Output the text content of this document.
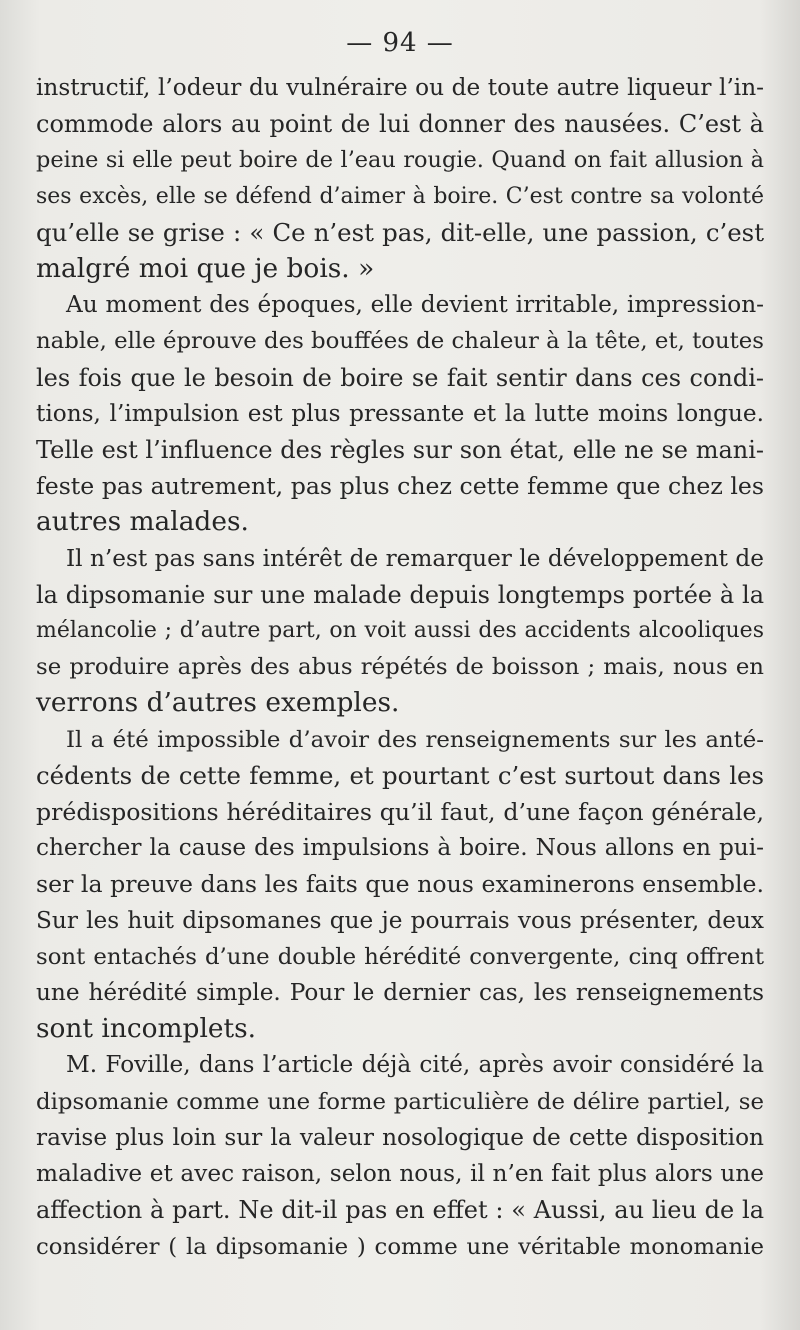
— 94 —
instructif, l’odeur du vulnéraire ou de toute autre liqueur l’in-
commode alors au point de lui donner des nausées. C’est à
peine si elle peut boire de l’eau rougie. Quand on fait allusion à
ses excès, elle se défend d’aimer à boire. C’est contre sa volonté
qu’elle se grise : « Ce n’est pas, dit-elle, une passion, c’est
malgré moi que je bois. »
Au moment des époques, elle devient irritable, impression-
nable, elle éprouve des bouffées de chaleur à la tête, et, toutes
les fois que le besoin de boire se fait sentir dans ces condi-
tions, l’impulsion est plus pressante et la lutte moins longue.
Telle est l’influence des règles sur son état, elle ne se mani-
feste pas autrement, pas plus chez cette femme que chez les
autres malades.
Il n’est pas sans intérêt de remarquer le développement de
la dipsomanie sur une malade depuis longtemps portée à la
mélancolie ; d’autre part, on voit aussi des accidents alcooliques
se produire après des abus répétés de boisson ; mais, nous en
verrons d’autres exemples.
Il a été impossible d’avoir des renseignements sur les anté-
cédents de cette femme, et pourtant c’est surtout dans les
prédispositions héréditaires qu’il faut, d’une façon générale,
chercher la cause des impulsions à boire. Nous allons en pui-
ser la preuve dans les faits que nous examinerons ensemble.
Sur les huit dipsomanes que je pourrais vous présenter, deux
sont entachés d’une double hérédité convergente, cinq offrent
une hérédité simple. Pour le dernier cas, les renseignements
sont incomplets.
M. Foville, dans l’article déjà cité, après avoir considéré la
dipsomanie comme une forme particulière de délire partiel, se
ravise plus loin sur la valeur nosologique de cette disposition
maladive et avec raison, selon nous, il n’en fait plus alors une
affection à part. Ne dit-il pas en effet : « Aussi, au lieu de la
considérer ( la dipsomanie ) comme une véritable monomanie
